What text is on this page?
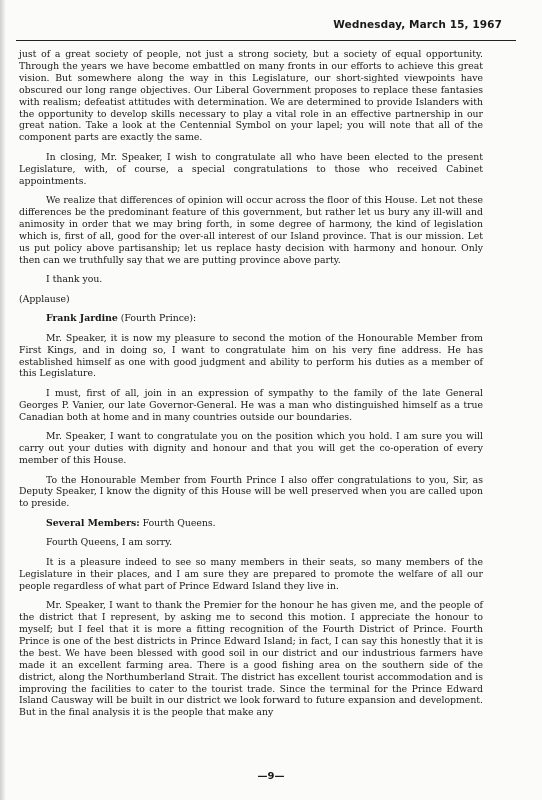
Wednesday, March 15, 1967

just of a great society of people, not just a strong society, but a society of equal opportunity. Through the years we have become embattled on many fronts in our efforts to achieve this great vision. But somewhere along the way in this Legislature, our short-sighted viewpoints have obscured our long range objectives. Our Liberal Government proposes to replace these fantasies with realism; defeatist attitudes with determination. We are determined to provide Islanders with the opportunity to develop skills necessary to play a vital role in an effective partnership in our great nation. Take a look at the Centennial Symbol on your lapel; you will note that all of the component parts are exactly the same.

In closing, Mr. Speaker, I wish to congratulate all who have been elected to the present Legislature, with, of course, a special congratulations to those who received Cabinet appointments.

We realize that differences of opinion will occur across the floor of this House. Let not these differences be the predominant feature of this government, but rather let us bury any ill-will and animosity in order that we may bring forth, in some degree of harmony, the kind of legislation which is, first of all, good for the over-all interest of our Island province. That is our mission. Let us put policy above partisanship; let us replace hasty decision with harmony and honour. Only then can we truthfully say that we are putting province above party.

I thank you.

(Applause)

Frank Jardine (Fourth Prince):

Mr. Speaker, it is now my pleasure to second the motion of the Honourable Member from First Kings, and in doing so, I want to congratulate him on his very fine address. He has established himself as one with good judgment and ability to perform his duties as a member of this Legislature.

I must, first of all, join in an expression of sympathy to the family of the late General Georges P. Vanier, our late Governor-General. He was a man who distinguished himself as a true Canadian both at home and in many countries outside our boundaries.

Mr. Speaker, I want to congratulate you on the position which you hold. I am sure you will carry out your duties with dignity and honour and that you will get the co-operation of every member of this House.

To the Honourable Member from Fourth Prince I also offer congratulations to you, Sir, as Deputy Speaker, I know the dignity of this House will be well preserved when you are called upon to preside.

Several Members: Fourth Queens.

Fourth Queens, I am sorry.

It is a pleasure indeed to see so many members in their seats, so many members of the Legislature in their places, and I am sure they are prepared to promote the welfare of all our people regardless of what part of Prince Edward Island they live in.

Mr. Speaker, I want to thank the Premier for the honour he has given me, and the people of the district that I represent, by asking me to second this motion. I appreciate the honour to myself; but I feel that it is more a fitting recognition of the Fourth District of Prince. Fourth Prince is one of the best districts in Prince Edward Island; in fact, I can say this honestly that it is the best. We have been blessed with good soil in our district and our industrious farmers have made it an excellent farming area. There is a good fishing area on the southern side of the district, along the Northumberland Strait. The district has excellent tourist accommodation and is improving the facilities to cater to the tourist trade. Since the terminal for the Prince Edward Island Causway will be built in our district we look forward to future expansion and development. But in the final analysis it is the people that make any

—9—
